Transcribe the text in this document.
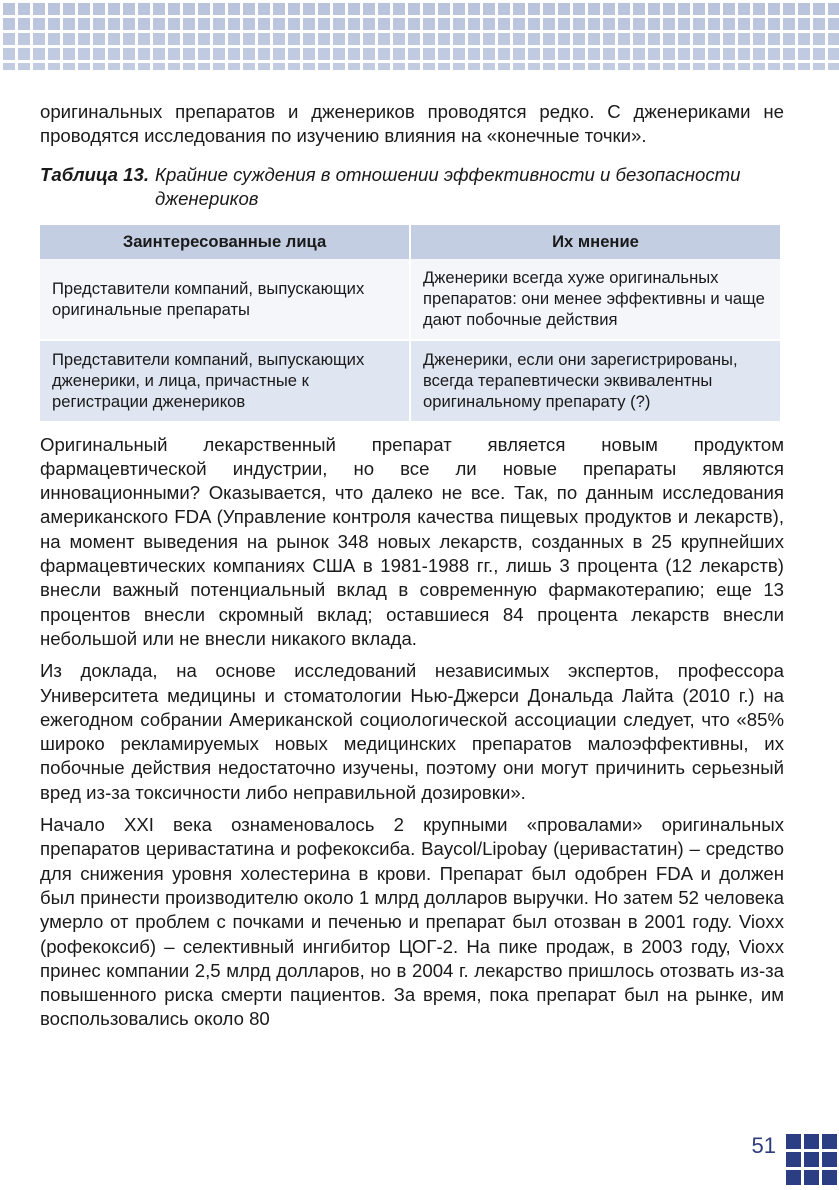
оригинальных препаратов и дженериков проводятся редко. С дженериками не проводятся исследования по изучению влияния на «конечные точки».

Таблица 13. Крайние суждения в отношении эффективности и безопасности дженериков
Заинтересованные лица	Их мнение
Представители компаний, выпускающих оригинальные препараты	Дженерики всегда хуже оригинальных препаратов: они менее эффективны и чаще дают побочные действия
Представители компаний, выпускающих дженерики, и лица, причастные к регистрации дженериков	Дженерики, если они зарегистрированы, всегда терапевтически эквивалентны оригинальному препарату (?)

Оригинальный лекарственный препарат является новым продуктом фармацевтической индустрии, но все ли новые препараты являются инновационными? Оказывается, что далеко не все. Так, по данным исследования американского FDA (Управление контроля качества пищевых продуктов и лекарств), на момент выведения на рынок 348 новых лекарств, созданных в 25 крупнейших фармацевтических компаниях США в 1981-1988 гг., лишь 3 процента (12 лекарств) внесли важный потенциальный вклад в современную фармакотерапию; еще 13 процентов внесли скромный вклад; оставшиеся 84 процента лекарств внесли небольшой или не внесли никакого вклада.

Из доклада, на основе исследований независимых экспертов, профессора Университета медицины и стоматологии Нью-Джерси Дональда Лайта (2010 г.) на ежегодном собрании Американской социологической ассоциации следует, что «85% широко рекламируемых новых медицинских препаратов малоэффективны, их побочные действия недостаточно изучены, поэтому они могут причинить серьезный вред из-за токсичности либо неправильной дозировки».

Начало XXI века ознаменовалось 2 крупными «провалами» оригинальных препаратов церивастатина и рофекоксиба. Baycol/Lipobay (церивастатин) – средство для снижения уровня холестерина в крови. Препарат был одобрен FDA и должен был принести производителю около 1 млрд долларов выручки. Но затем 52 человека умерло от проблем с почками и печенью и препарат был отозван в 2001 году. Vioxx (рофекоксиб) – селективный ингибитор ЦОГ-2. На пике продаж, в 2003 году, Vioxx принес компании 2,5 млрд долларов, но в 2004 г. лекарство пришлось отозвать из-за повышенного риска смерти пациентов. За время, пока препарат был на рынке, им воспользовались около 80

51
